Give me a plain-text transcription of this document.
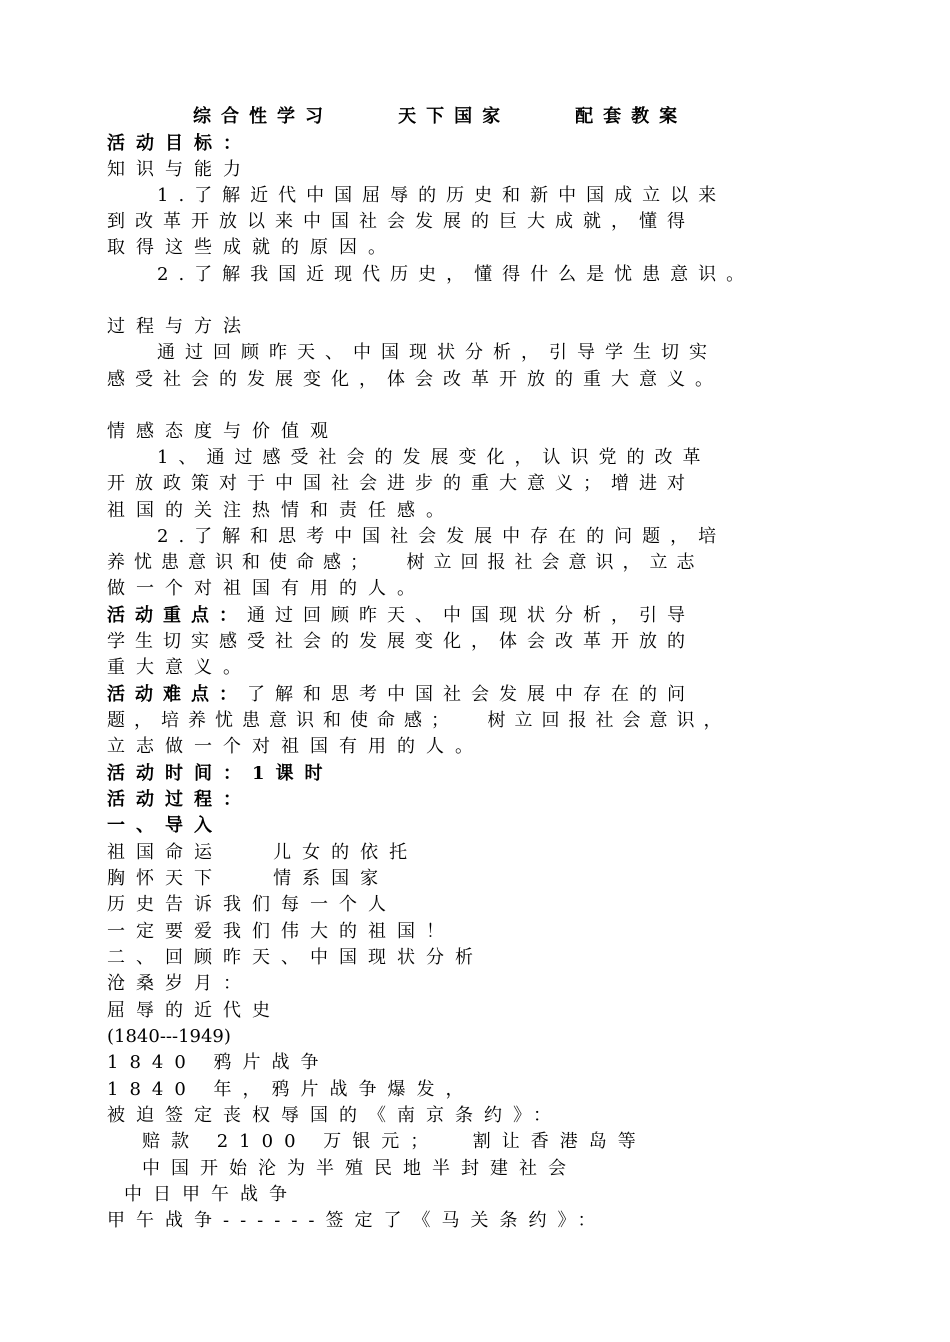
综合性学习    天下国家    配套教案
活动目标：
知识与能力
1.了解近代中国屈辱的历史和新中国成立以来
到改革开放以来中国社会发展的巨大成就，懂得
取得这些成就的原因。
2.了解我国近现代历史，懂得什么是忧患意识。
过程与方法
通过回顾昨天、中国现状分析，引导学生切实
感受社会的发展变化，体会改革开放的重大意义。
情感态度与价值观
1、通过感受社会的发展变化，认识党的改革
开放政策对于中国社会进步的重大意义；增进对
祖国的关注热情和责任感。
2.了解和思考中国社会发展中存在的问题，培
养忧患意识和使命感；  树立回报社会意识，立志
做一个对祖国有用的人。
活动重点：通过回顾昨天、中国现状分析，引导
学生切实感受社会的发展变化，体会改革开放的
重大意义。
活动难点：了解和思考中国社会发展中存在的问
题，培养忧患意识和使命感；  树立回报社会意识，
立志做一个对祖国有用的人。
活动时间：1课时
活动过程：
一、导入
祖国命运   儿女的依托
胸怀天下   情系国家
历史告诉我们每一个人
一定要爱我们伟大的祖国！
二、回顾昨天、中国现状分析
沧桑岁月：
屈辱的近代史
(1840---1949)
1840 鸦片战争
1840 年，鸦片战争爆发，
被迫签定丧权辱国的《南京条约》：
赔款 2100 万银元；  割让香港岛等
中国开始沦为半殖民地半封建社会
中日甲午战争
甲午战争------签定了《马关条约》：
